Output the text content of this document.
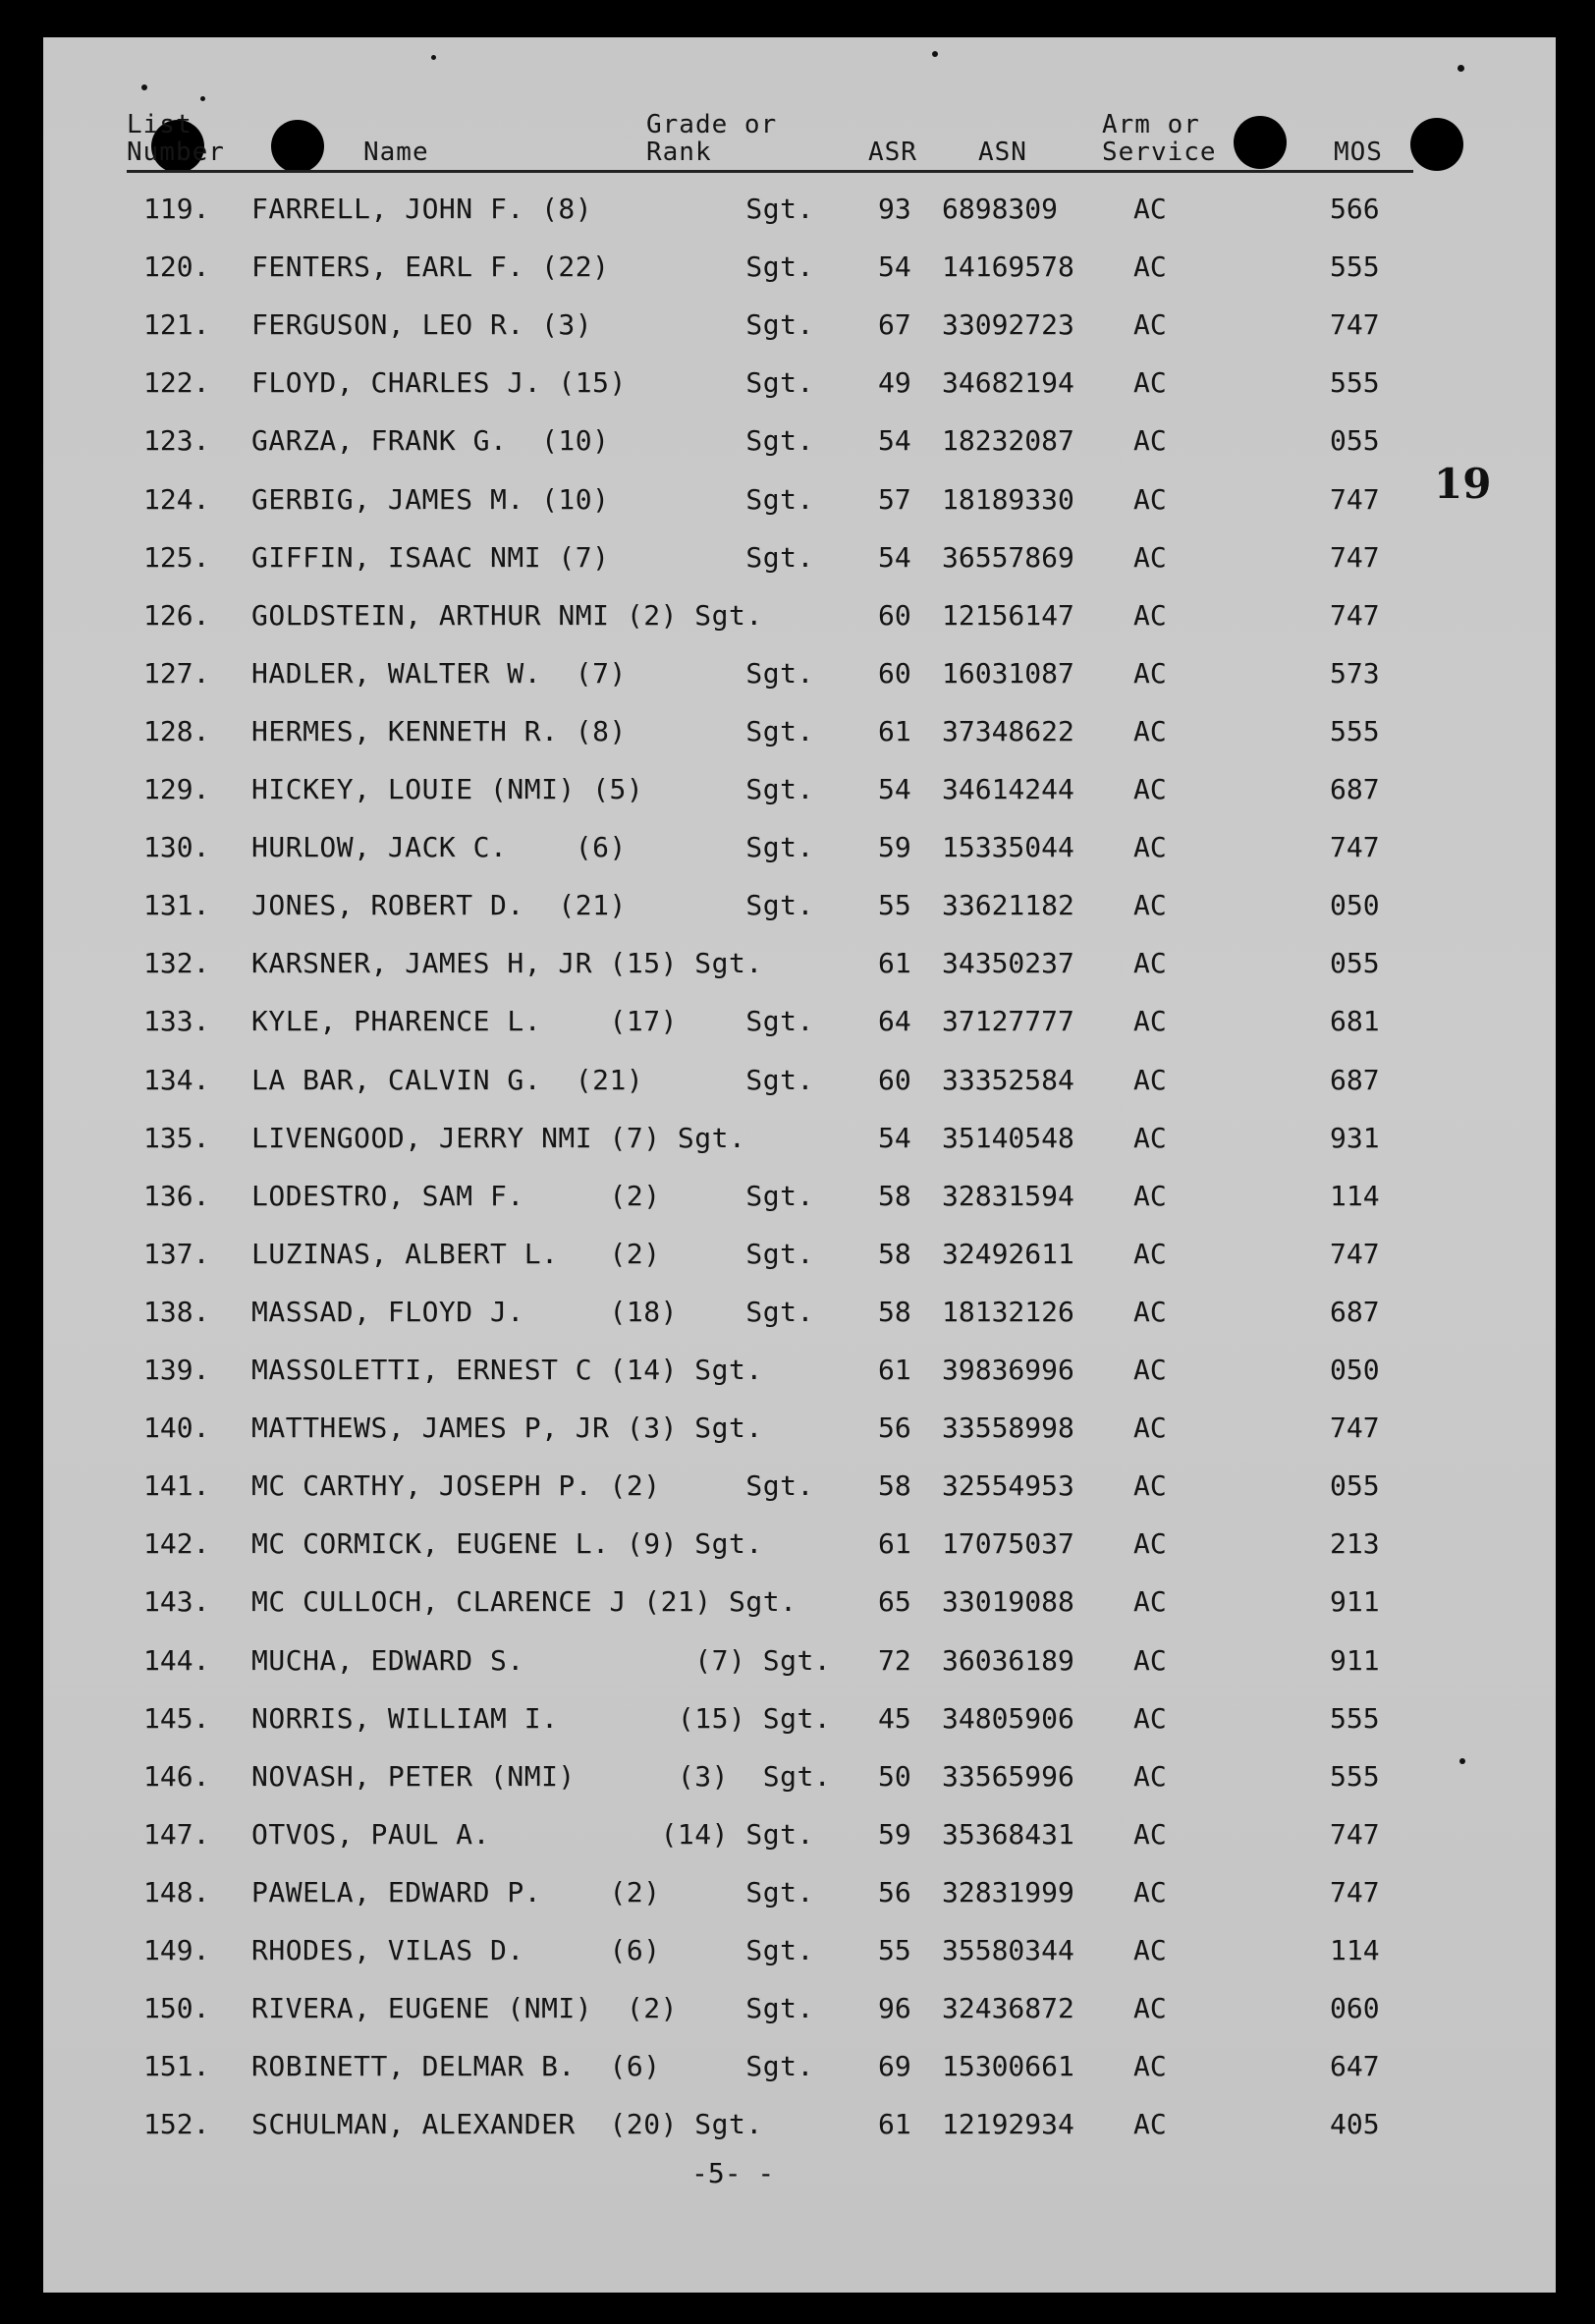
List
Number	Name
Grade or
Rank	ASR ASN
Arm or
Service	MOS
19
119. FARRELL, JOHN F. (8)         Sgt. 93 6898309	AC	566
120. FENTERS, EARL F. (22)        Sgt. 54 14169578 AC	555
121. FERGUSON, LEO R. (3)         Sgt. 67 33092723 AC	747
122. FLOYD, CHARLES J. (15)       Sgt. 49 34682194 AC	555
123. GARZA, FRANK G.  (10)        Sgt. 54 18232087 AC	055
124. GERBIG, JAMES M. (10)        Sgt. 57 18189330 AC	747
125. GIFFIN, ISAAC NMI (7)        Sgt. 54 36557869 AC	747
126. GOLDSTEIN, ARTHUR NMI (2) Sgt.	60 12156147 AC	747
127. HADLER, WALTER W.  (7)       Sgt. 60 16031087 AC	573
128. HERMES, KENNETH R. (8)       Sgt. 61 37348622 AC	555
129. HICKEY, LOUIE (NMI) (5)      Sgt. 54 34614244 AC	687
130. HURLOW, JACK C.    (6)       Sgt. 59 15335044 AC	747
131. JONES, ROBERT D.  (21)       Sgt. 55 33621182 AC	050
132. KARSNER, JAMES H, JR (15) Sgt.	61 34350237 AC	055
133. KYLE, PHARENCE L.    (17)    Sgt. 64 37127777 AC	681
134. LA BAR, CALVIN G.  (21)      Sgt. 60 33352584 AC	687
135. LIVENGOOD, JERRY NMI (7) Sgt.	54 35140548 AC	931
136. LODESTRO, SAM F.     (2)     Sgt. 58 32831594 AC	114
137. LUZINAS, ALBERT L.   (2)     Sgt. 58 32492611 AC	747
138. MASSAD, FLOYD J.     (18)    Sgt. 58 18132126 AC	687
139. MASSOLETTI, ERNEST C (14) Sgt.	61 39836996 AC	050
140. MATTHEWS, JAMES P, JR (3) Sgt.	56 33558998 AC	747
141. MC CARTHY, JOSEPH P. (2)     Sgt. 58 32554953 AC	055
142. MC CORMICK, EUGENE L. (9) Sgt.	61 17075037 AC	213
143. MC CULLOCH, CLARENCE J (21) Sgt.	65 33019088 AC	911
144. MUCHA, EDWARD S.          (7) Sgt. 72 36036189 AC	911
145. NORRIS, WILLIAM I.       (15) Sgt. 45 34805906 AC	555
146. NOVASH, PETER (NMI)      (3)  Sgt. 50 33565996 AC	555
147. OTVOS, PAUL A.          (14) Sgt. 59 35368431 AC	747
148. PAWELA, EDWARD P.    (2)     Sgt. 56 32831999 AC	747
149. RHODES, VILAS D.     (6)     Sgt. 55 35580344 AC	114
150. RIVERA, EUGENE (NMI)  (2)    Sgt. 96 32436872 AC	060
151. ROBINETT, DELMAR B.  (6)     Sgt. 69 15300661 AC	647
152. SCHULMAN, ALEXANDER  (20) Sgt.	61 12192934 AC	405
-5- -
